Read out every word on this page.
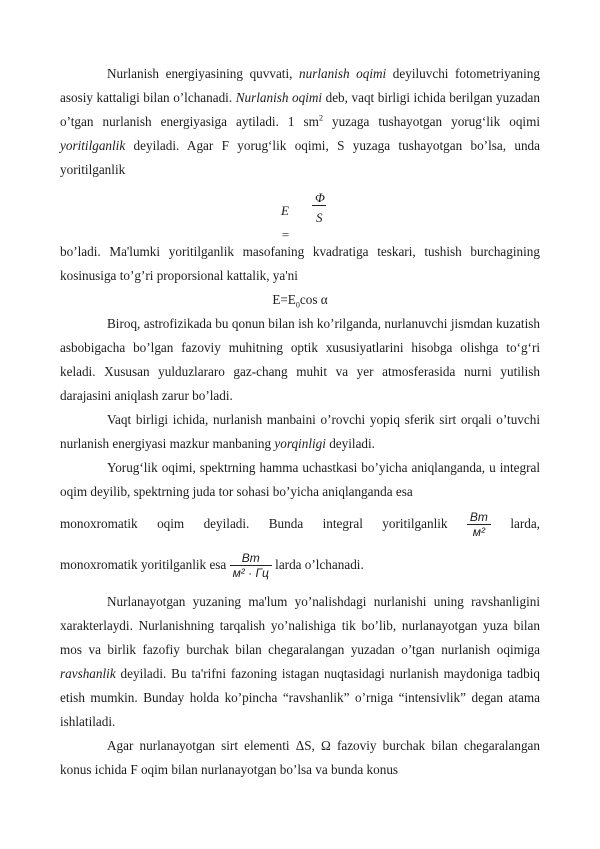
Nurlanish energiyasining quvvati, nurlanish oqimi deyiluvchi fotometriyaning asosiy kattaligi bilan o’lchanadi. Nurlanish oqimi deb, vaqt birligi ichida berilgan yuzadan o’tgan nurlanish energiyasiga aytiladi. 1 $sm^2$ yuzaga tushayotgan yorug‘lik oqimi yoritilganlik deyiladi. Agar F yorug‘lik oqimi, S yuzaga tushayotgan bo’lsa, unda yoritilganlik

E =
Φ
S

bo’ladi. Ma'lumki yoritilganlik masofaning kvadratiga teskari, tushish burchagining kosinusiga to’g’ri proporsional kattalik, ya'ni

$E=E_0\cos$ α

Biroq, astrofizikada bu qonun bilan ish ko’rilganda, nurlanuvchi jismdan kuzatish asbobigacha bo’lgan fazoviy muhitning optik xususiyatlarini hisobga olishga to‘g‘ri keladi. Xususan yulduzlararo gaz-chang muhit va yer atmosferasida nurni yutilish darajasini aniqlash zarur bo’ladi.

Vaqt birligi ichida, nurlanish manbaini o’rovchi yopiq sferik sirt orqali o’tuvchi nurlanish energiyasi mazkur manbaning yorqinligi deyiladi.

Yorug‘lik oqimi, spektrning hamma uchastkasi bo’yicha aniqlanganda, u integral oqim deyilib, spektrning juda tor sohasi bo’yicha aniqlanganda esa

monoxromatik oqim deyiladi. Bunda integral yoritilganlik $\frac{Вт}{\text{м²}}$ larda,
monoxromatik yoritilganlik esa
$\frac{Вт}{\text{м² · Гц}}$
larda o’lchanadi.

Nurlanayotgan yuzaning ma'lum yo’nalishdagi nurlanishi uning ravshanligini xarakterlaydi. Nurlanishning tarqalish yo’nalishiga tik bo’lib, nurlanayotgan yuza bilan mos va birlik fazofiy burchak bilan chegaralangan yuzadan o’tgan nurlanish oqimiga ravshanlik deyiladi. Bu ta'rifni fazoning istagan nuqtasidagi nurlanish maydoniga tadbiq etish mumkin. Bunday holda ko’pincha “ravshanlik” o’rniga “intensivlik” degan atama ishlatiladi.

Agar nurlanayotgan sirt elementi ΔS, Ω fazoviy burchak bilan chegaralangan konus ichida F oqim bilan nurlanayotgan bo’lsa va bunda konus
